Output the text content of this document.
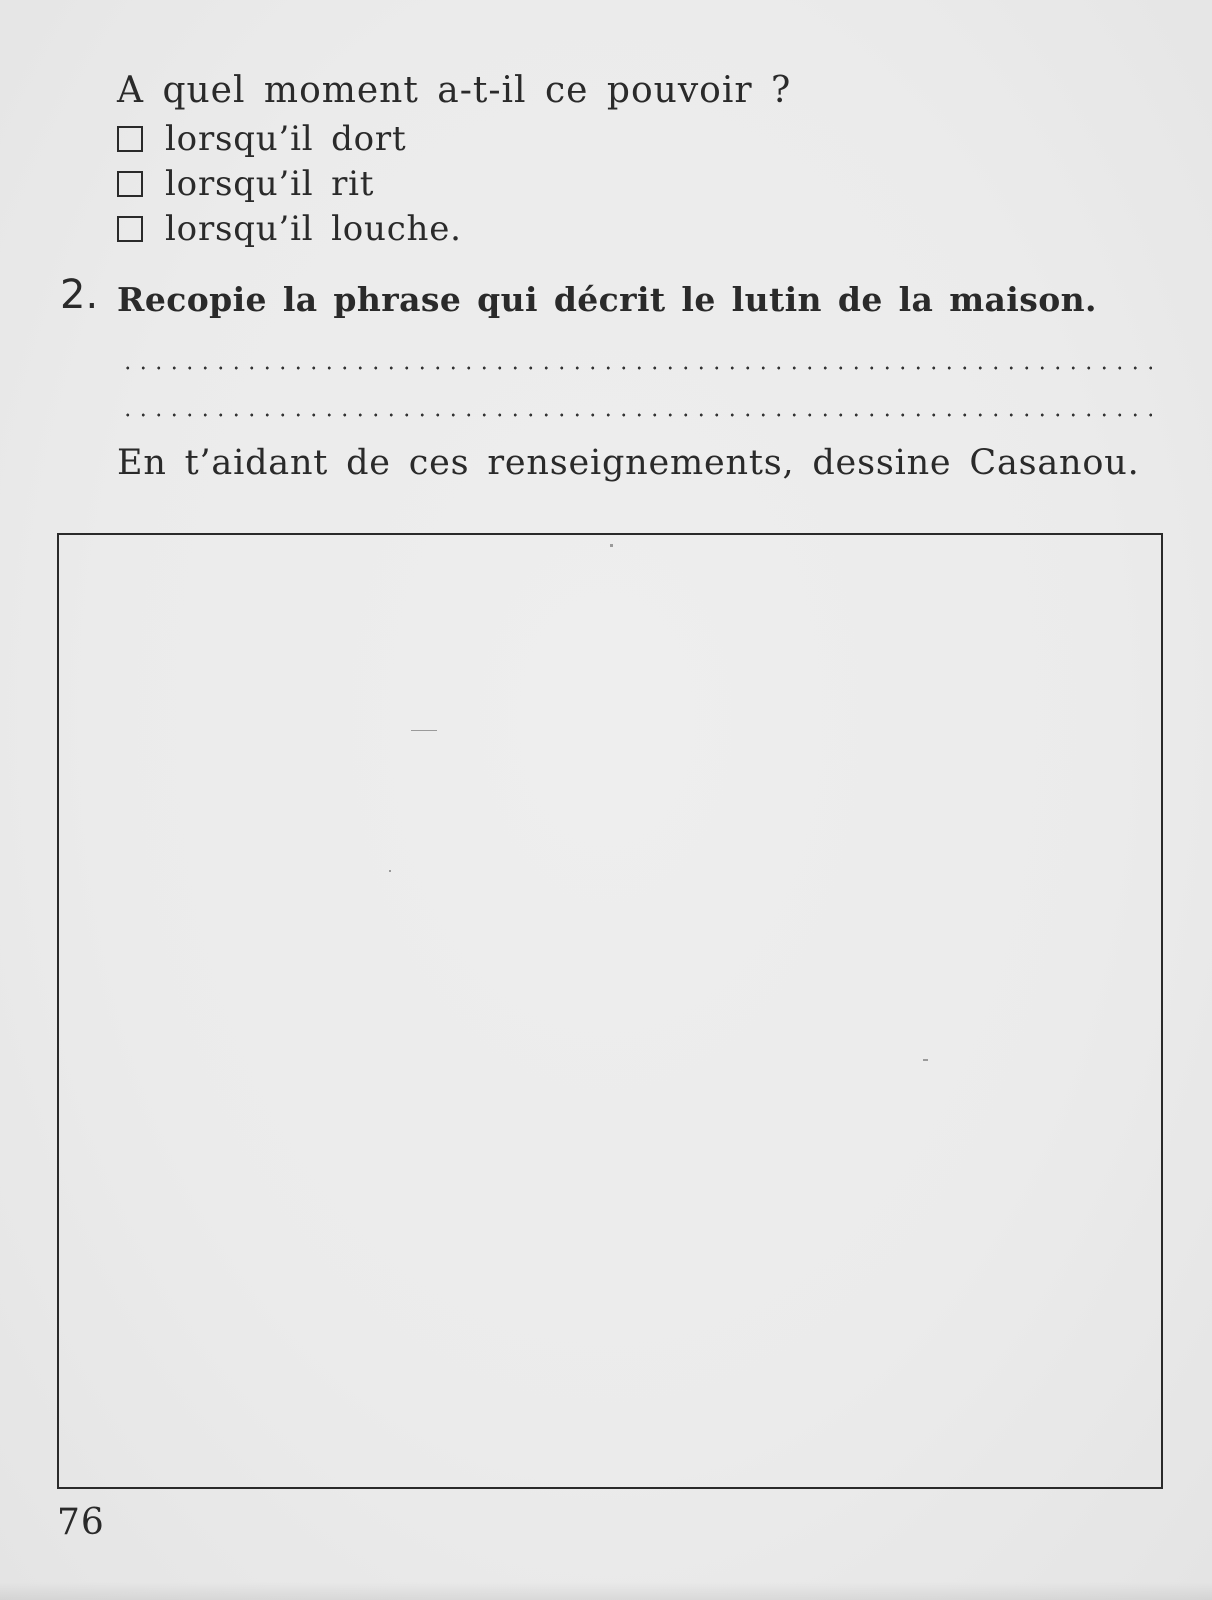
A quel moment a-t-il ce pouvoir ?

lorsqu’il dort
lorsqu’il rit
lorsqu’il louche.
2. Recopie la phrase qui décrit le lutin de la maison.

En t’aidant de ces renseignements, dessine Casanou.

76
